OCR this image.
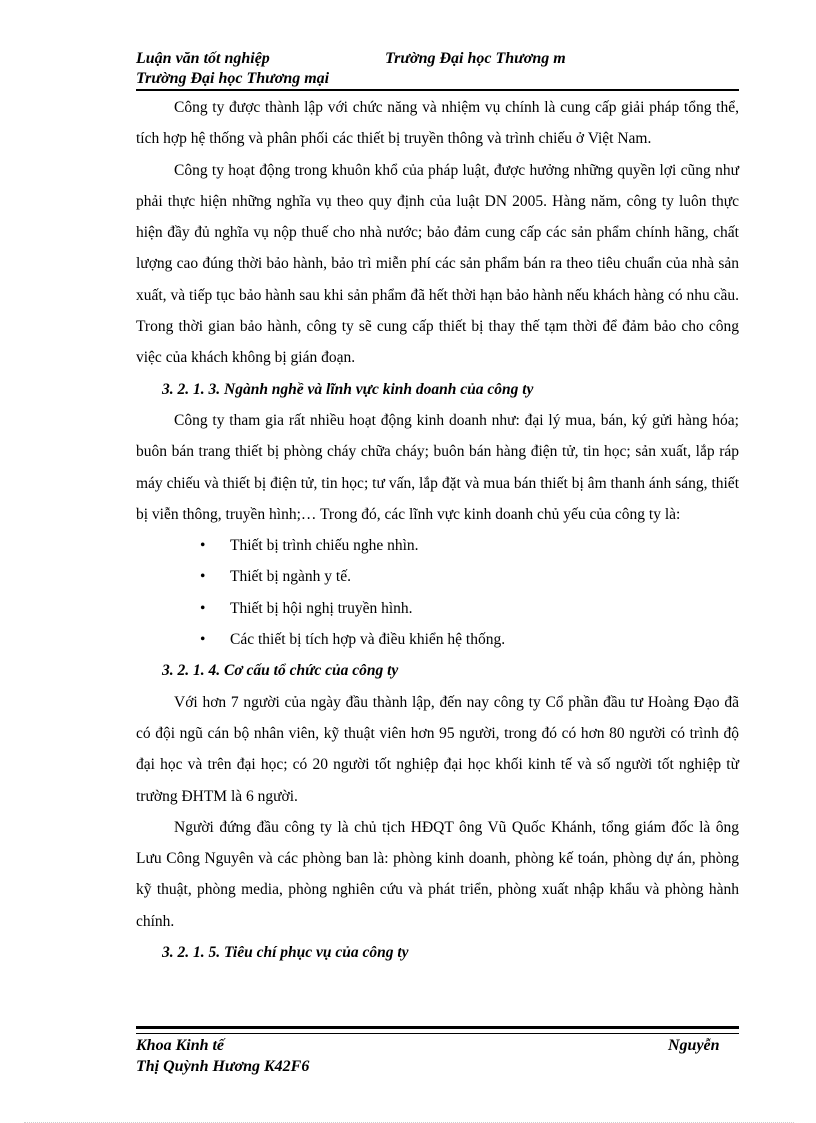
Luận văn tốt nghiệp	Trường Đại học Thương m
Trường Đại học Thương mại

Công ty được thành lập với chức năng và nhiệm vụ chính là cung cấp giải pháp tổng thể, tích hợp hệ thống và phân phối các thiết bị truyền thông và trình chiếu ở Việt Nam.

Công ty hoạt động trong khuôn khổ của pháp luật, được hưởng những quyền lợi cũng như phải thực hiện những nghĩa vụ theo quy định của luật DN 2005. Hàng năm, công ty luôn thực hiện đầy đủ nghĩa vụ nộp thuế cho nhà nước; bảo đảm cung cấp các sản phẩm chính hãng, chất lượng cao đúng thời bảo hành, bảo trì miễn phí các sản phẩm bán ra theo tiêu chuẩn của nhà sản xuất, và tiếp tục bảo hành sau khi sản phẩm đã hết thời hạn bảo hành nếu khách hàng có nhu cầu. Trong thời gian bảo hành, công ty sẽ cung cấp thiết bị thay thế tạm thời để đảm bảo cho công việc của khách không bị gián đoạn.

3. 2. 1. 3. Ngành nghề và lĩnh vực kinh doanh của công ty

Công ty tham gia rất nhiều hoạt động kinh doanh như: đại lý mua, bán, ký gửi hàng hóa; buôn bán trang thiết bị phòng cháy chữa cháy; buôn bán hàng điện tử, tin học; sản xuất, lắp ráp máy chiếu và thiết bị điện tử, tin học; tư vấn, lắp đặt và mua bán thiết bị âm thanh ánh sáng, thiết bị viễn thông, truyền hình;… Trong đó, các lĩnh vực kinh doanh chủ yếu của công ty là:

• Thiết bị trình chiếu nghe nhìn.
• Thiết bị ngành y tế.
• Thiết bị hội nghị truyền hình.
• Các thiết bị tích hợp và điều khiển hệ thống.

3. 2. 1. 4. Cơ cấu tổ chức của công ty

Với hơn 7 người của ngày đầu thành lập, đến nay công ty Cổ phần đầu tư Hoàng Đạo đã có đội ngũ cán bộ nhân viên, kỹ thuật viên hơn 95 người, trong đó có hơn 80 người có trình độ đại học và trên đại học; có 20 người tốt nghiệp đại học khối kinh tế và số người tốt nghiệp từ trường ĐHTM là 6 người.

Người đứng đầu công ty là chủ tịch HĐQT ông Vũ Quốc Khánh, tổng giám đốc là ông Lưu Công Nguyên và các phòng ban là: phòng kinh doanh, phòng kế toán, phòng dự án, phòng kỹ thuật, phòng media, phòng nghiên cứu và phát triển, phòng xuất nhập khẩu và phòng hành chính.

3. 2. 1. 5. Tiêu chí phục vụ của công ty

Khoa Kinh tế	Nguyễn
Thị Quỳnh Hương K42F6
